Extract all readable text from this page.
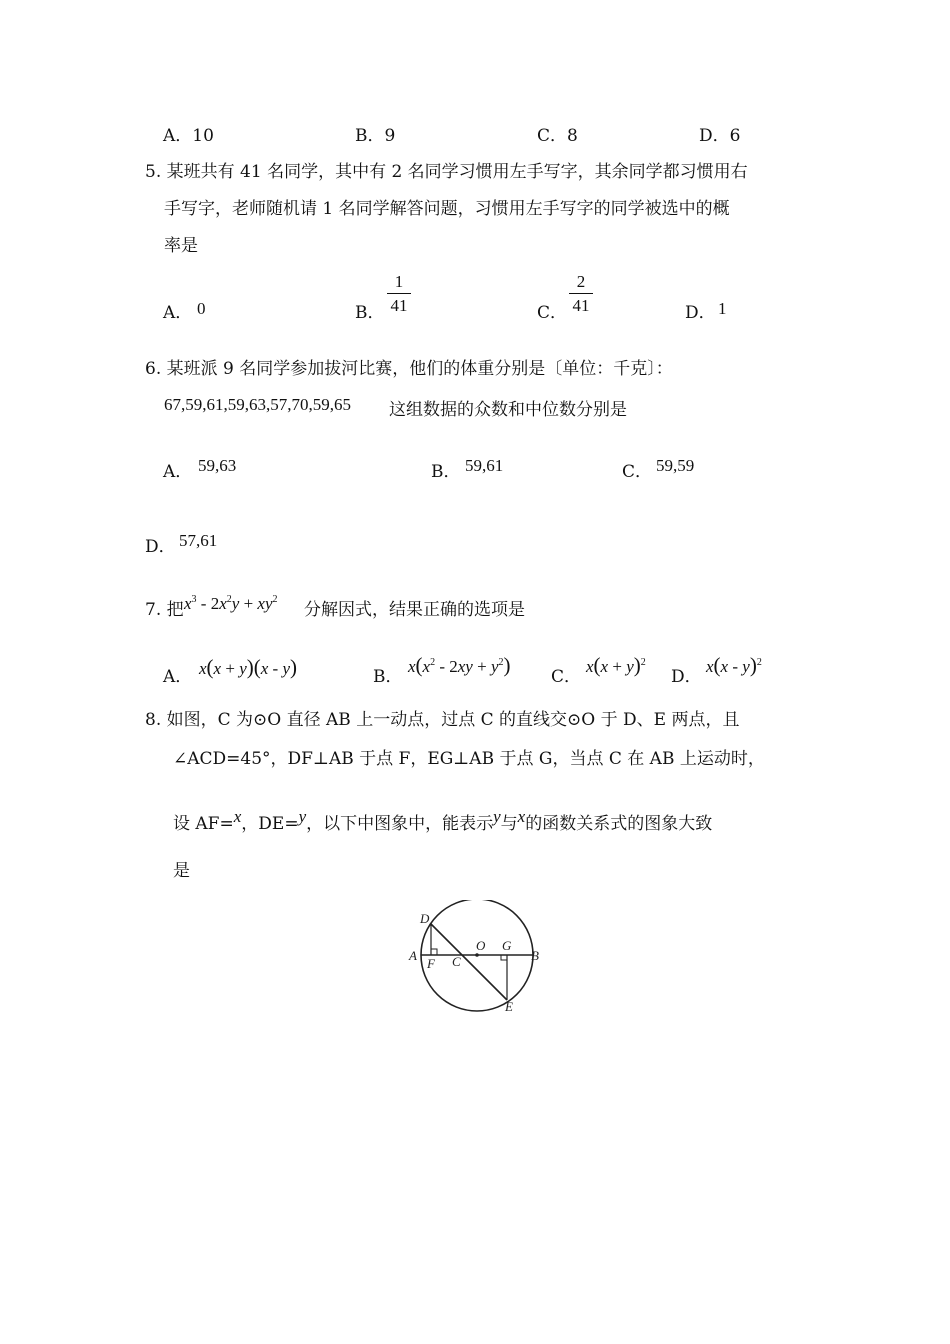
A．10	B．9	C．8	D．6
5. 某班共有 41 名同学，其中有 2 名同学习惯用左手写字，其余同学都习惯用右
手写字，老师随机请 1 名同学解答问题，习惯用左手写字的同学被选中的概
率是
A． 0	B． $\frac{1}{41}$	C． $\frac{2}{41}$	D． 1
6. 某班派 9 名同学参加拔河比赛，他们的体重分别是〔单位：千克〕：
67,59,61,59,63,57,70,59,65 这组数据的众数和中位数分别是
A． 59,63	B． 59,61	C． 59,59
D． 57,61
7. 把 $x^3 - 2x^2y + xy^2$
分解因式，结果正确的选项是
A． x(x + y)(x - y)	B．
$x(x^2 - 2xy + y^2)$ C．
$x(x + y)^2$
D．
x(x - y)$^2$
8. 如图，C 为⊙O 直径 AB 上一动点，过点 C 的直线交⊙O 于 D、E 两点，且
∠ACD=45°，DF⊥AB 于点 F，EG⊥AB 于点 G，当点 C 在 AB 上运动时，
设 AF=x，DE=y，以下中图象中，能表示y与x的函数关系式的图象大致
是
D
A
F C
O G
B
E
